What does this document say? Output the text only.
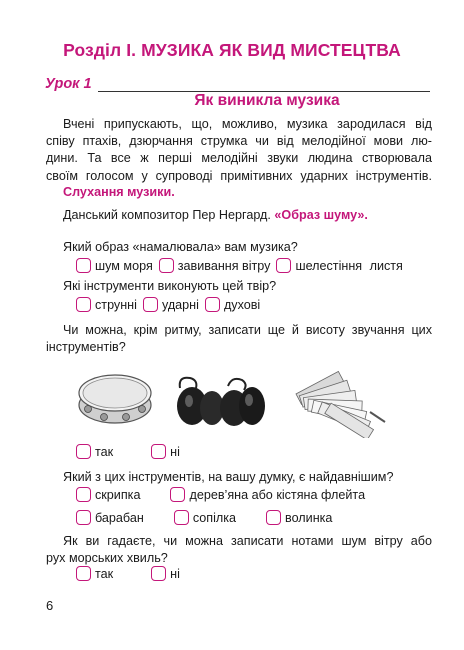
Розділ І. МУЗИКА ЯК ВИД МИСТЕЦТВА
Урок 1
Як виникла музика
Вчені припускають, що, можливо, музика зародилася від
співу птахів, дзюрчання струмка чи від мелодійної мови лю-
дини. Та все ж перші мелодійні звуки людина створювала
своїм голосом у супроводі примітивних ударних інструментів.
Слухання музики.
Данський композитор Пер Нергард. «Образ шуму».
Який образ «намалювала» вам музика?
шум моря завивання вітру шелестіння листя
Які інструменти виконують цей твір?
струнні ударні духові
Чи можна, крім ритму, записати ще й висоту звучання цих
інструментів?
так	ні
Який з цих інструментів, на вашу думку, є найдавнішим?
скрипка	дерев’яна або кістяна флейта
барабан	сопілка	волинка
Як ви гадаєте, чи можна записати нотами шум вітру або
рух морських хвиль?
так	ні
6
